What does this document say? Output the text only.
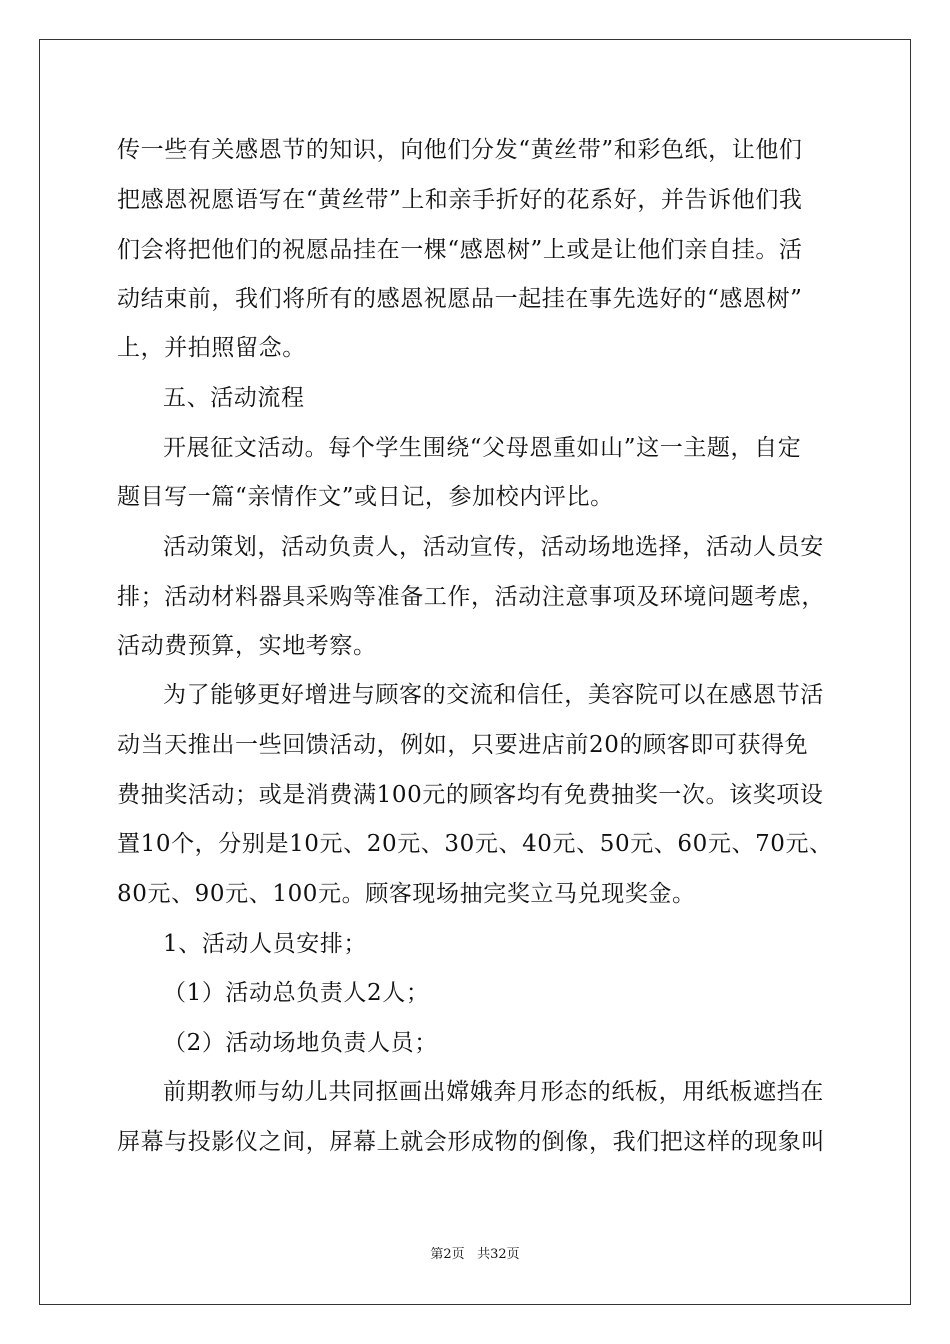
传一些有关感恩节的知识，向他们分发“黄丝带”和彩色纸，让他们
把感恩祝愿语写在“黄丝带”上和亲手折好的花系好，并告诉他们我
们会将把他们的祝愿品挂在一棵“感恩树”上或是让他们亲自挂。活
动结束前，我们将所有的感恩祝愿品一起挂在事先选好的“感恩树”
上，并拍照留念。
五、活动流程
开展征文活动。每个学生围绕“父母恩重如山”这一主题，自定
题目写一篇“亲情作文”或日记，参加校内评比。
活动策划，活动负责人，活动宣传，活动场地选择，活动人员安
排；活动材料器具采购等准备工作，活动注意事项及环境问题考虑，
活动费预算，实地考察。
为了能够更好增进与顾客的交流和信任，美容院可以在感恩节活
动当天推出一些回馈活动，例如，只要进店前20的顾客即可获得免
费抽奖活动；或是消费满100元的顾客均有免费抽奖一次。该奖项设
置10个，分别是10元、20元、30元、40元、50元、60元、70元、
80元、90元、100元。顾客现场抽完奖立马兑现奖金。
1、活动人员安排；
（1）活动总负责人2人；
（2）活动场地负责人员；
前期教师与幼儿共同抠画出嫦娥奔月形态的纸板，用纸板遮挡在
屏幕与投影仪之间，屏幕上就会形成物的倒像，我们把这样的现象叫
第2页 共32页
